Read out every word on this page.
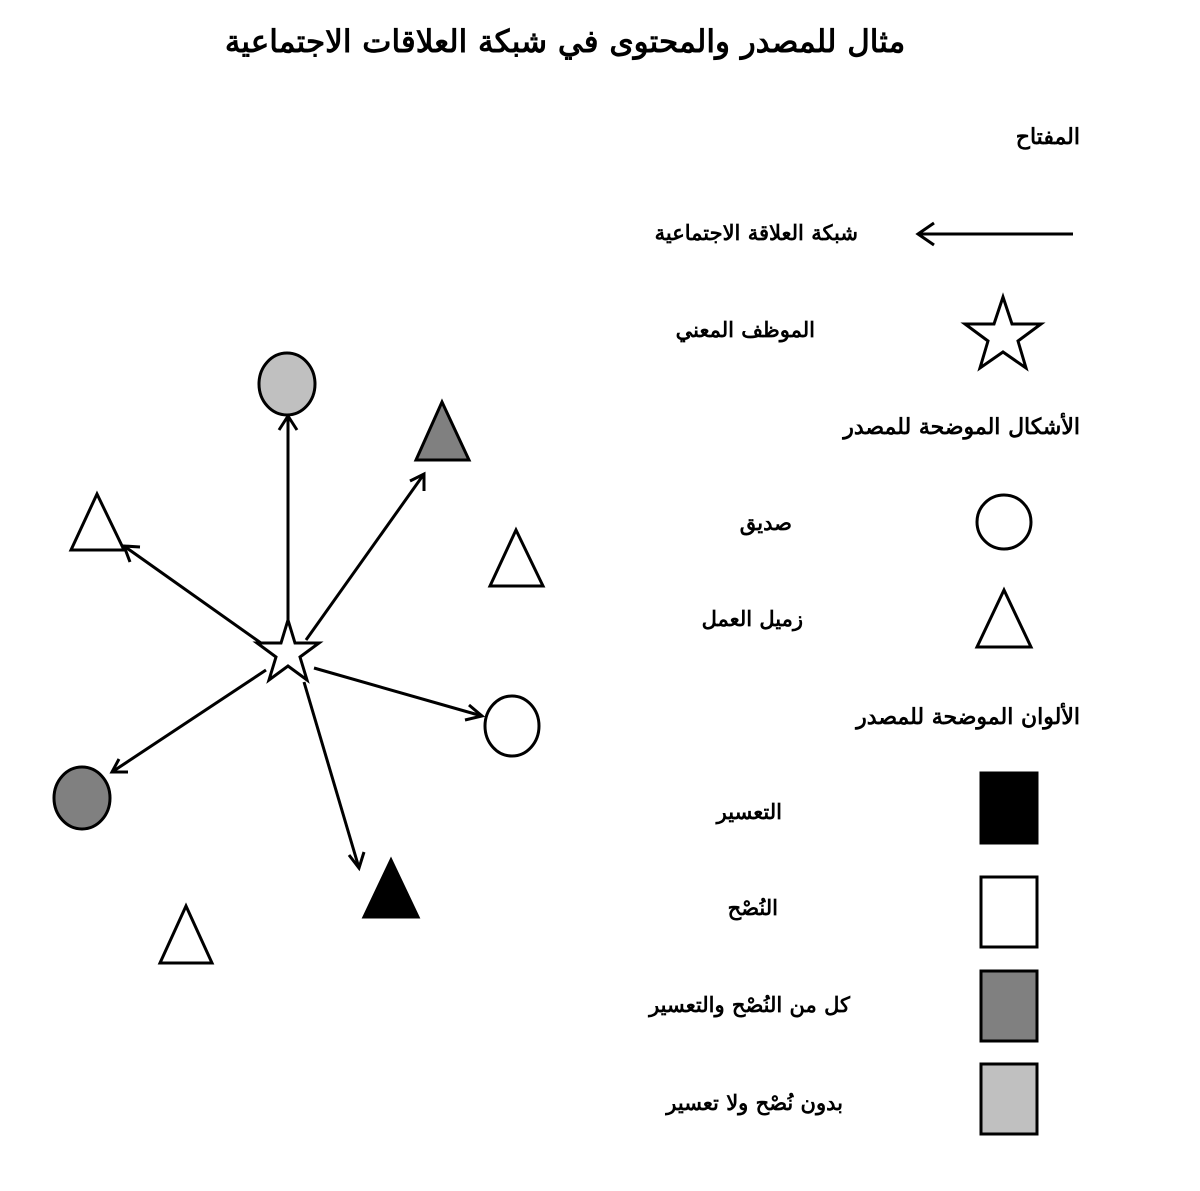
مثال للمصدر والمحتوى في شبكة العلاقات الاجتماعية
المفتاح
شبكة العلاقة الاجتماعية
الموظف المعني
الأشكال الموضحة للمصدر
صديق
زميل العمل
الألوان الموضحة للمصدر
التعسير
النُصْح
كل من النُصْح والتعسير
بدون نُصْح ولا تعسير
